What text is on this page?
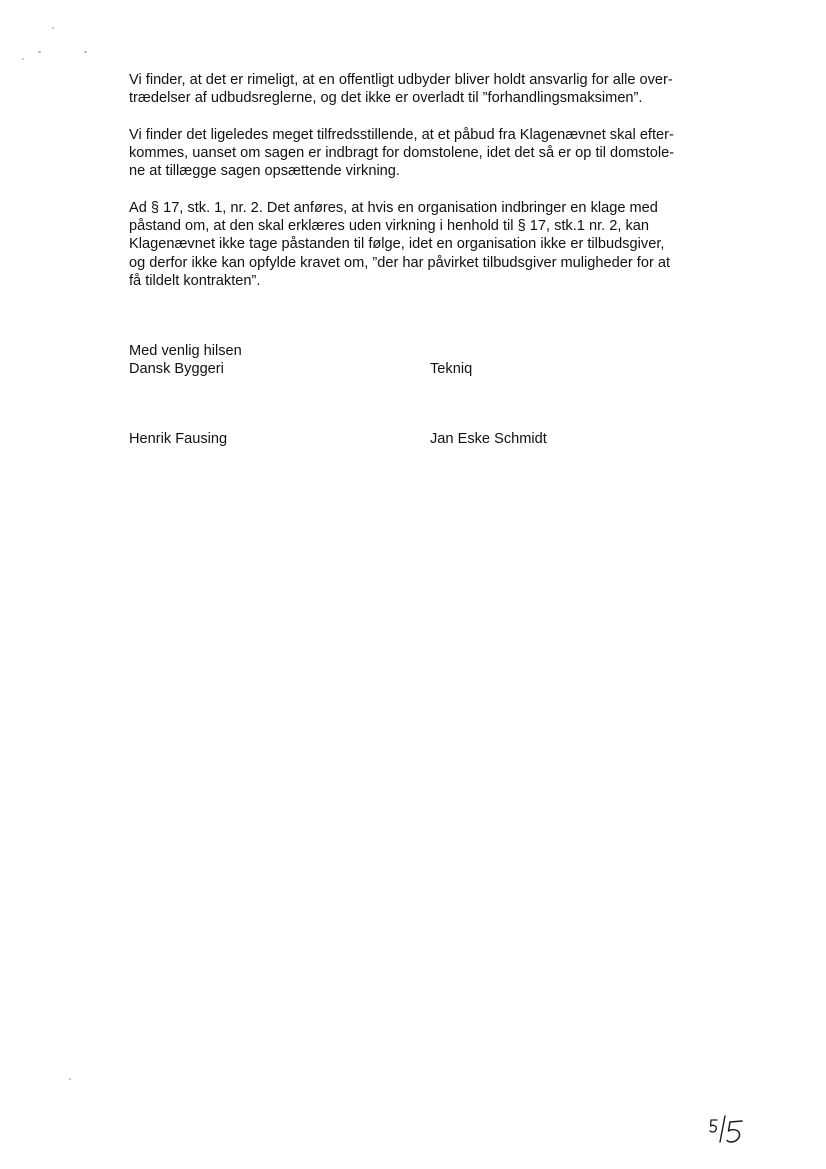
Vi finder, at det er rimeligt, at en offentligt udbyder bliver holdt ansvarlig for alle over-
trædelser af udbudsreglerne, og det ikke er overladt til ”forhandlingsmaksimen”.

Vi finder det ligeledes meget tilfredsstillende, at et påbud fra Klagenævnet skal efter-
kommes, uanset om sagen er indbragt for domstolene, idet det så er op til domstole-
ne at tillægge sagen opsættende virkning.

Ad § 17, stk. 1, nr. 2. Det anføres, at hvis en organisation indbringer en klage med
påstand om, at den skal erklæres uden virkning i henhold til § 17, stk.1 nr. 2, kan
Klagenævnet ikke tage påstanden til følge, idet en organisation ikke er tilbudsgiver,
og derfor ikke kan opfylde kravet om, ”der har påvirket tilbudsgiver muligheder for at
få tildelt kontrakten”.

Med venlig hilsen
Dansk Byggeri	Tekniq
Henrik Fausing	Jan Eske Schmidt
